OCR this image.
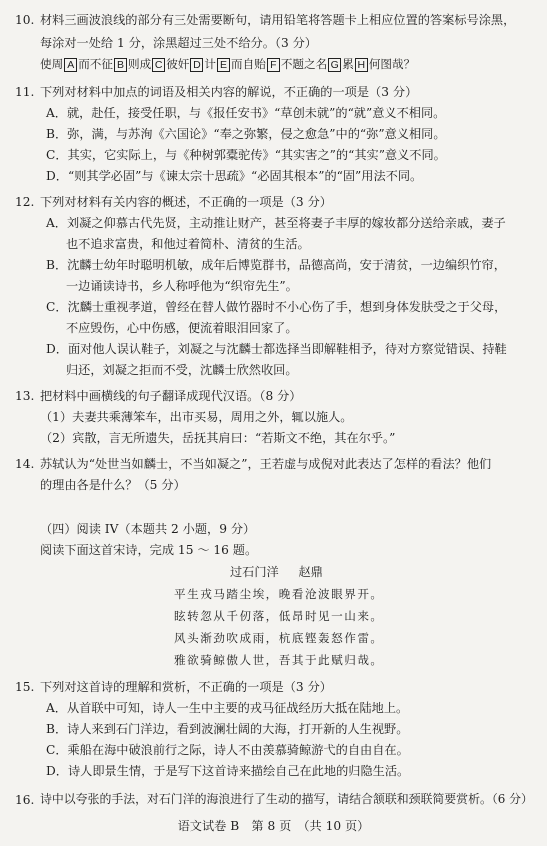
10. 材料三画波浪线的部分有三处需要断句，请用铅笔将答题卡上相应位置的答案标号涂黑，
每涂对一处给 1 分，涂黑超过三处不给分。（3 分）
使周 A 而不征 B 则成 C 彼奸 D 计 E 而自贻 F 不题之名 G 累 H 何图哉？
11. 下列对材料中加点的词语及相关内容的解说，不正确的一项是（3 分）
A．就，赴任，接受任职，与《报任安书》“草创未就”的“就”意义不相同。
B．弥，满，与苏洵《六国论》“奉之弥繁，侵之愈急”中的“弥”意义相同。
C．其实，它实际上，与《种树郭橐驼传》“其实害之”的“其实”意义不同。
D．“则其学必固”与《谏太宗十思疏》“必固其根本”的“固”用法不同。
12. 下列对材料有关内容的概述，不正确的一项是（3 分）
A．刘凝之仰慕古代先贤，主动推让财产，甚至将妻子丰厚的嫁妆都分送给亲戚，妻子
也不追求富贵，和他过着简朴、清贫的生活。
B．沈麟士幼年时聪明机敏，成年后博览群书，品德高尚，安于清贫，一边编织竹帘，
一边诵读诗书，乡人称呼他为“织帘先生”。
C．沈麟士重视孝道，曾经在替人做竹器时不小心伤了手，想到身体发肤受之于父母，
不应毁伤，心中伤感，便流着眼泪回家了。
D．面对他人误认鞋子，刘凝之与沈麟士都选择当即解鞋相予，待对方察觉错误、持鞋
归还，刘凝之拒而不受，沈麟士欣然收回。
13. 把材料中画横线的句子翻译成现代汉语。（8 分）
（1）夫妻共乘薄笨车，出市买易，周用之外，辄以施人。
（2）宾散，言无所遗失，岳抚其肩曰：“若斯文不绝，其在尔乎。”
14. 苏轼认为“处世当如麟士，不当如凝之”，王若虚与成倪对此表达了怎样的看法？他们
的理由各是什么？（5 分）
（四）阅读 IV（本题共 2 小题，9 分）
阅读下面这首宋诗，完成 15 ～ 16 题。
过石门洋 赵鼎
平生戎马踏尘埃，晚看沧波眼界开。
眩转忽从千仞落，低昂时见一山来。
风头渐劲吹成雨，杭底铿轰怒作雷。
雅欲骑鲸傲人世，吾其于此赋归哉。
15. 下列对这首诗的理解和赏析，不正确的一项是（3 分）
A．从首联中可知，诗人一生中主要的戎马征战经历大抵在陆地上。
B．诗人来到石门洋边，看到波澜壮阔的大海，打开新的人生视野。
C．乘船在海中破浪前行之际，诗人不由羡慕骑鲸游弋的自由自在。
D．诗人即景生情，于是写下这首诗来描绘自己在此地的归隐生活。
16. 诗中以夸张的手法，对石门洋的海浪进行了生动的描写，请结合颔联和颈联简要赏析。（6 分）
语文试卷 B　第 8 页　（共 10 页）
